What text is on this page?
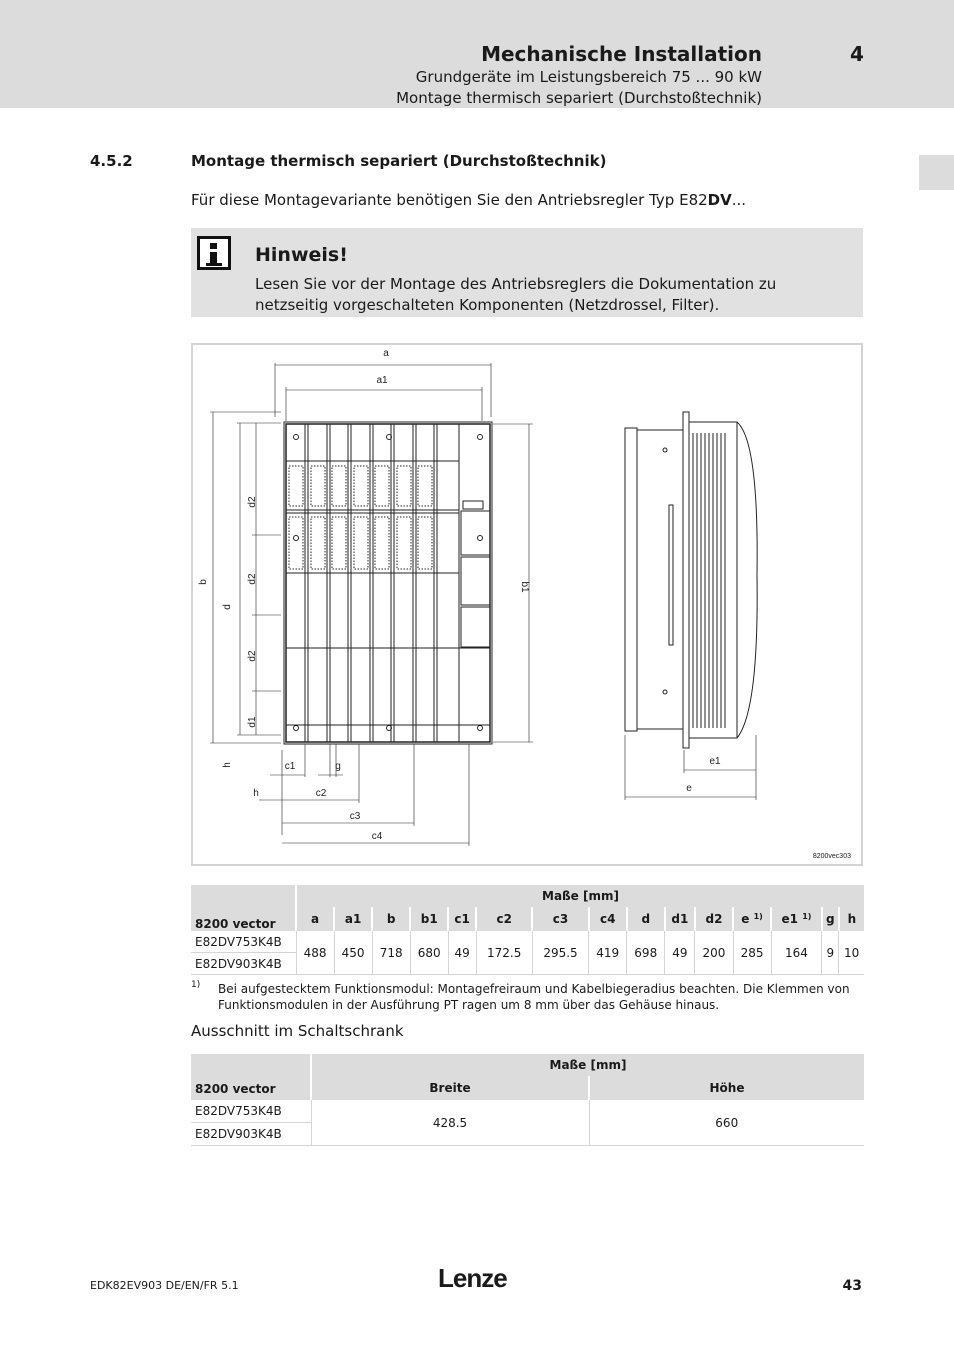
Mechanische Installation	4
Grundgeräte im Leistungsbereich 75 ... 90 kW
Montage thermisch separiert (Durchstoßtechnik)
4.5.2	Montage thermisch separiert (Durchstoßtechnik)
Für diese Montagevariante benötigen Sie den Antriebsregler Typ E82DV...
Hinweis!
Lesen Sie vor der Montage des Antriebsreglers die Dokumentation zu
netzseitig vorgeschalteten Komponenten (Netzdrossel, Filter).
a
a1
b
d
d2
d2
d2
d1
h
b1
c1	g
h	c2
c3
c4
e1
e
8200vec303
8200 vector	Maße [mm]														
	a	a1	b	b1	c1	c2	c3	c4	d	d1	d2	e $^{1)}$	e1 $^{1)}$	g	h
E82DV753K4B	488	450	718	680	49	172.5	295.5	419	698	49	200	285	164	9	10
E82DV903K4B															
1) Bei aufgestecktem Funktionsmodul: Montagefreiraum und Kabelbiegeradius beachten. Die Klemmen von
Funktionsmodulen in der Ausführung PT ragen um 8 mm über das Gehäuse hinaus.
Ausschnitt im Schaltschrank
8200 vector	Maße [mm]	
	Breite	Höhe
E82DV753K4B	428.5	660
E82DV903K4B		
EDK82EV903 DE/EN/FR 5.1	Lenze	43
